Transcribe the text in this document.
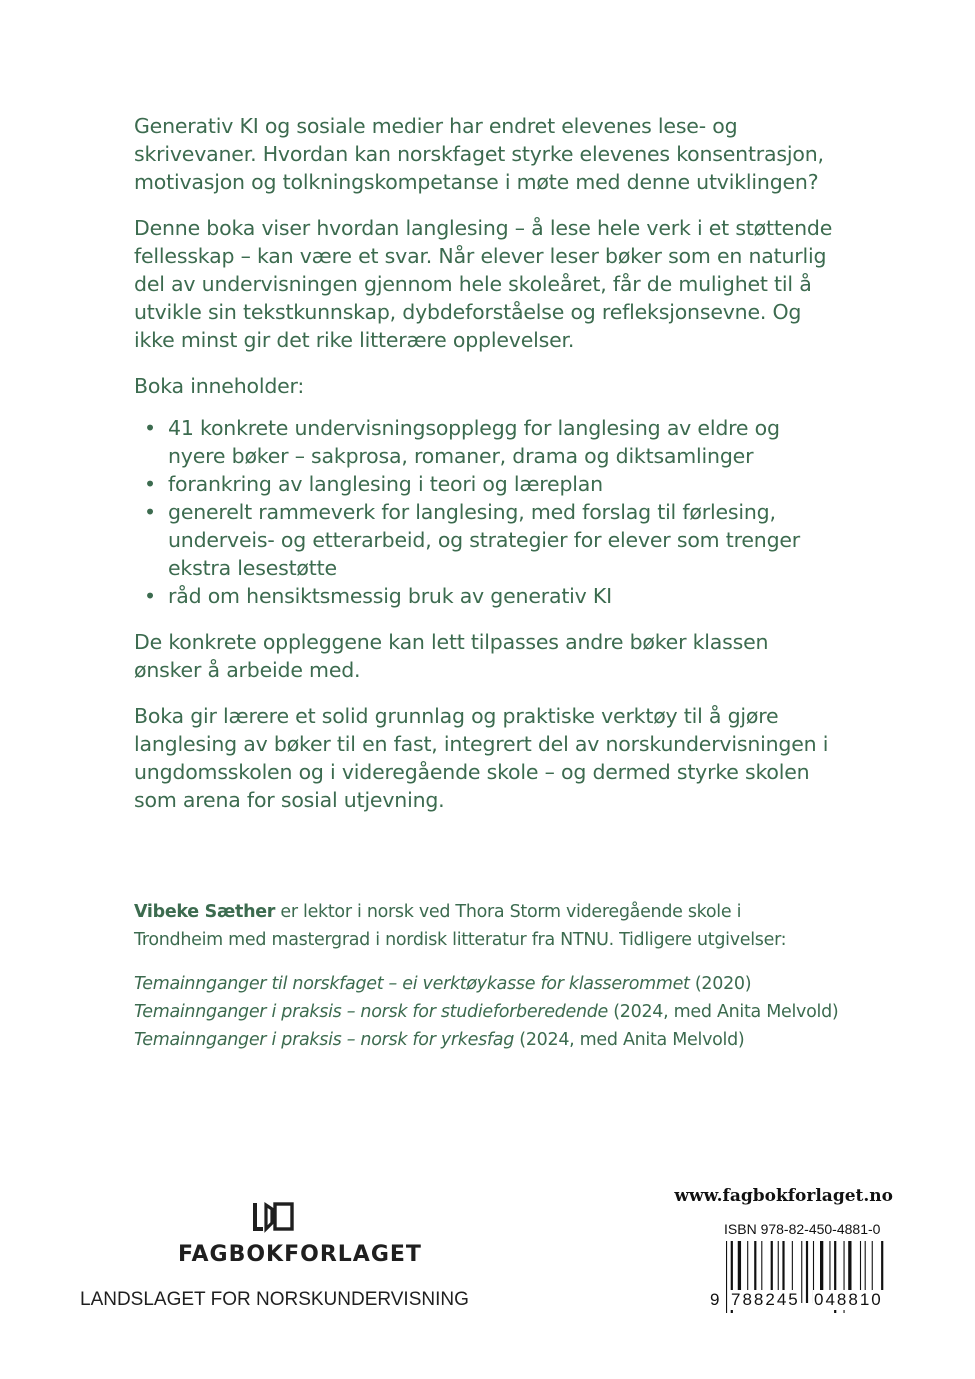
Generativ KI og sosiale medier har endret elevenes lese- og skrivevaner. Hvordan kan norskfaget styrke elevenes konsentrasjon, motivasjon og tolkningskompetanse i møte med denne utviklingen?

Denne boka viser hvordan langlesing – å lese hele verk i et støttende fellesskap – kan være et svar. Når elever leser bøker som en naturlig del av undervisningen gjennom hele skoleåret, får de mulighet til å utvikle sin tekstkunnskap, dybdeforståelse og refleksjonsevne. Og ikke minst gir det rike litterære opplevelser.

Boka inneholder:

• 41 konkrete undervisningsopplegg for langlesing av eldre og nyere bøker – sakprosa, romaner, drama og diktsamlinger
• forankring av langlesing i teori og læreplan
• generelt rammeverk for langlesing, med forslag til førlesing, underveis- og etterarbeid, og strategier for elever som trenger ekstra lesestøtte
• råd om hensiktsmessig bruk av generativ KI

De konkrete oppleggene kan lett tilpasses andre bøker klassen ønsker å arbeide med.

Boka gir lærere et solid grunnlag og praktiske verktøy til å gjøre langlesing av bøker til en fast, integrert del av norskundervisningen i ungdomsskolen og i videregående skole – og dermed styrke skolen som arena for sosial utjevning.

Vibeke Sæther er lektor i norsk ved Thora Storm videregående skole i Trondheim med mastergrad i nordisk litteratur fra NTNU. Tidligere utgivelser:

Temainnganger til norskfaget – ei verktøykasse for klasserommet (2020)
Temainnganger i praksis – norsk for studieforberedende (2024, med Anita Melvold)
Temainnganger i praksis – norsk for yrkesfag (2024, med Anita Melvold)
FAGBOKFORLAGET
LANDSLAGET FOR NORSKUNDERVISNING
www.fagbokforlaget.no
ISBN 978-82-450-4881-0
9 788245 048810
